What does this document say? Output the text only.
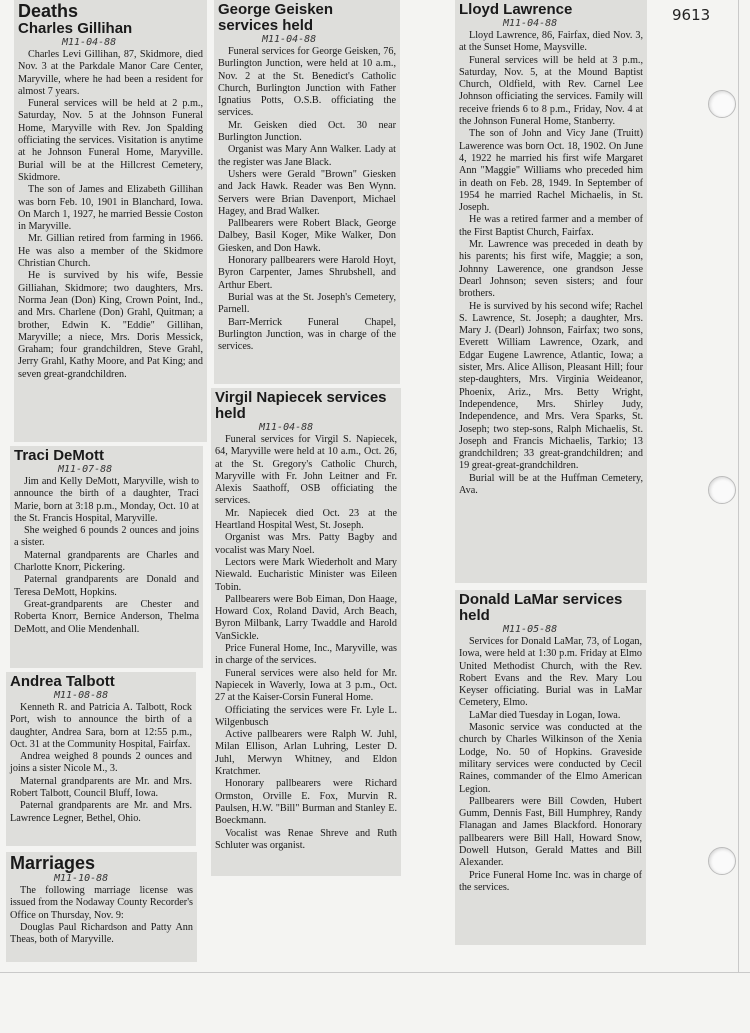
9613
Deaths
Charles Gillihan
M11-04-88

Charles Levi Gillihan, 87, Skidmore, died Nov. 3 at the Parkdale Manor Care Center, Maryville, where he had been a resident for almost 7 years.

Funeral services will be held at 2 p.m., Saturday, Nov. 5 at the Johnson Funeral Home, Maryville with Rev. Jon Spalding officiating the services. Visitation is anytime at he Johnson Funeral Home, Maryville. Burial will be at the Hillcrest Cemetery, Skidmore.

The son of James and Elizabeth Gillihan was born Feb. 10, 1901 in Blanchard, Iowa. On March 1, 1927, he married Bessie Coston in Maryville.

Mr. Gillian retired from farming in 1966. He was also a member of the Skidmore Christian Church.

He is survived by his wife, Bessie Gilliahan, Skidmore; two daughters, Mrs. Norma Jean (Don) King, Crown Point, Ind., and Mrs. Charlene (Don) Grahl, Quitman; a brother, Edwin K. "Eddie" Gillihan, Maryville; a niece, Mrs. Doris Messick, Graham; four grandchildren, Steve Grahl, Jerry Grahl, Kathy Moore, and Pat King; and seven great-grandchildren.

Traci DeMott
M11-07-88

Jim and Kelly DeMott, Maryville, wish to announce the birth of a daughter, Traci Marie, born at 3:18 p.m., Monday, Oct. 10 at the St. Francis Hospital, Maryville.

She weighed 6 pounds 2 ounces and joins a sister.

Maternal grandparents are Charles and Charlotte Knorr, Pickering.

Paternal grandparents are Donald and Teresa DeMott, Hopkins.

Great-grandparents are Chester and Roberta Knorr, Bernice Anderson, Thelma DeMott, and Olie Mendenhall.

Andrea Talbott
M11-08-88

Kenneth R. and Patricia A. Talbott, Rock Port, wish to announce the birth of a daughter, Andrea Sara, born at 12:55 p.m., Oct. 31 at the Community Hospital, Fairfax.

Andrea weighed 8 pounds 2 ounces and joins a sister Nicole M., 3.

Maternal grandparents are Mr. and Mrs. Robert Talbott, Council Bluff, Iowa.

Paternal grandparents are Mr. and Mrs. Lawrence Legner, Bethel, Ohio.

Marriages
M11-10-88

The following marriage license was issued from the Nodaway County Recorder's Office on Thursday, Nov. 9:

Douglas Paul Richardson and Patty Ann Theas, both of Maryville.

George Geisken services held
M11-04-88

Funeral services for George Geisken, 76, Burlington Junction, were held at 10 a.m., Nov. 2 at the St. Benedict's Catholic Church, Burlington Junction with Father Ignatius Potts, O.S.B. officiating the services.

Mr. Geisken died Oct. 30 near Burlington Junction.

Organist was Mary Ann Walker. Lady at the register was Jane Black.

Ushers were Gerald "Brown" Giesken and Jack Hawk. Reader was Ben Wynn. Servers were Brian Davenport, Michael Hagey, and Brad Walker.

Pallbearers were Robert Black, George Dalbey, Basil Koger, Mike Walker, Don Giesken, and Don Hawk.

Honorary pallbearers were Harold Hoyt, Byron Carpenter, James Shrubshell, and Arthur Ebert.

Burial was at the St. Joseph's Cemetery, Parnell.

Barr-Merrick Funeral Chapel, Burlington Junction, was in charge of the services.

Virgil Napiecek services held
M11-04-88

Funeral services for Virgil S. Napiecek, 64, Maryville were held at 10 a.m., Oct. 26, at the St. Gregory's Catholic Church, Maryville with Fr. John Leitner and Fr. Alexis Saathoff, OSB officiating the services.

Mr. Napiecek died Oct. 23 at the Heartland Hospital West, St. Joseph.

Organist was Mrs. Patty Bagby and vocalist was Mary Noel.

Lectors were Mark Wiederholt and Mary Niewald. Eucharistic Minister was Eileen Tobin.

Pallbearers were Bob Eiman, Don Haage, Howard Cox, Roland David, Arch Beach, Byron Milbank, Larry Twaddle and Harold VanSickle.

Price Funeral Home, Inc., Maryville, was in charge of the services.

Funeral services were also held for Mr. Napiecek in Waverly, Iowa at 3 p.m., Oct. 27 at the Kaiser-Corsin Funeral Home.

Officiating the services were Fr. Lyle L. Wilgenbusch

Active pallbearers were Ralph W. Juhl, Milan Ellison, Arlan Luhring, Lester D. Juhl, Merwyn Whitney, and Eldon Kratchmer.

Honorary pallbearers were Richard Ormston, Orville E. Fox, Murvin R. Paulsen, H.W. "Bill" Burman and Stanley E. Boeckmann.

Vocalist was Renae Shreve and Ruth Schluter was organist.

Lloyd Lawrence
M11-04-88

Lloyd Lawrence, 86, Fairfax, died Nov. 3, at the Sunset Home, Maysville.

Funeral services will be held at 3 p.m., Saturday, Nov. 5, at the Mound Baptist Church, Oldfield, with Rev. Carnel Lee Johnson officiating the services. Family will receive friends 6 to 8 p.m., Friday, Nov. 4 at the Johnson Funeral Home, Stanberry.

The son of John and Vicy Jane (Truitt) Lawerence was born Oct. 18, 1902. On June 4, 1922 he married his first wife Margaret Ann "Maggie" Williams who preceded him in death on Feb. 28, 1949. In September of 1954 he married Rachel Michaelis, in St. Joseph.

He was a retired farmer and a member of the First Baptist Church, Fairfax.

Mr. Lawrence was preceded in death by his parents; his first wife, Maggie; a son, Johnny Lawerence, one grandson Jesse Dearl Johnson; seven sisters; and four brothers.

He is survived by his second wife; Rachel S. Lawrence, St. Joseph; a daughter, Mrs. Mary J. (Dearl) Johnson, Fairfax; two sons, Everett William Lawrence, Ozark, and Edgar Eugene Lawrence, Atlantic, Iowa; a sister, Mrs. Alice Allison, Pleasant Hill; four step-daughters, Mrs. Virginia Weideanor, Phoenix, Ariz., Mrs. Betty Wright, Independence, Mrs. Shirley Judy, Independence, and Mrs. Vera Sparks, St. Joseph; two step-sons, Ralph Michaelis, St. Joseph and Francis Michaelis, Tarkio; 13 grandchildren; 33 great-grandchildren; and 19 great-great-grandchildren.

Burial will be at the Huffman Cemetery, Ava.

Donald LaMar services held
M11-05-88

Services for Donald LaMar, 73, of Logan, Iowa, were held at 1:30 p.m. Friday at Elmo United Methodist Church, with the Rev. Robert Evans and the Rev. Mary Lou Keyser officiating. Burial was in LaMar Cemetery, Elmo.

LaMar died Tuesday in Logan, Iowa.

Masonic service was conducted at the church by Charles Wilkinson of the Xenia Lodge, No. 50 of Hopkins. Graveside military services were conducted by Cecil Raines, commander of the Elmo American Legion.

Pallbearers were Bill Cowden, Hubert Gumm, Dennis Fast, Bill Humphrey, Randy Flanagan and James Blackford. Honorary pallbearers were Bill Hall, Howard Snow, Dowell Hutson, Gerald Mattes and Bill Alexander.

Price Funeral Home Inc. was in charge of the services.
